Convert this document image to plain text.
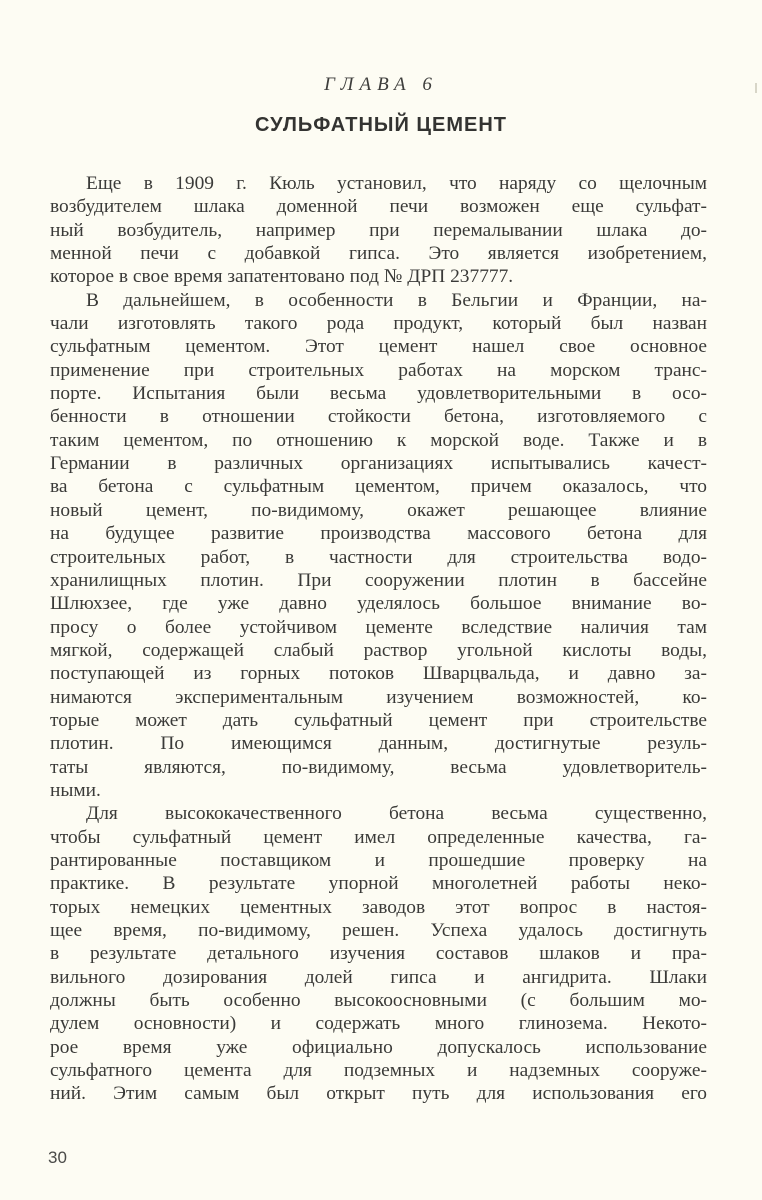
ГЛАВА 6
СУЛЬФАТНЫЙ ЦЕМЕНТ
Еще в 1909 г. Кюль установил, что наряду со щелочным
возбудителем шлака доменной печи возможен еще сульфат-
ный возбудитель, например при перемалывании шлака до-
менной печи с добавкой гипса. Это является изобретением,
которое в свое время запатентовано под № ДРП 237777.
В дальнейшем, в особенности в Бельгии и Франции, на-
чали изготовлять такого рода продукт, который был назван
сульфатным цементом. Этот цемент нашел свое основное
применение при строительных работах на морском транс-
порте. Испытания были весьма удовлетворительными в осо-
бенности в отношении стойкости бетона, изготовляемого с
таким цементом, по отношению к морской воде. Также и в
Германии в различных организациях испытывались качест-
ва бетона с сульфатным цементом, причем оказалось, что
новый цемент, по-видимому, окажет решающее влияние
на будущее развитие производства массового бетона для
строительных работ, в частности для строительства водо-
хранилищных плотин. При сооружении плотин в бассейне
Шлюхзее, где уже давно уделялось большое внимание во-
просу о более устойчивом цементе вследствие наличия там
мягкой, содержащей слабый раствор угольной кислоты воды,
поступающей из горных потоков Шварцвальда, и давно за-
нимаются экспериментальным изучением возможностей, ко-
торые может дать сульфатный цемент при строительстве
плотин. По имеющимся данным, достигнутые резуль-
таты являются, по-видимому, весьма удовлетворитель-
ными.
Для высококачественного бетона весьма существенно,
чтобы сульфатный цемент имел определенные качества, га-
рантированные поставщиком и прошедшие проверку на
практике. В результате упорной многолетней работы неко-
торых немецких цементных заводов этот вопрос в настоя-
щее время, по-видимому, решен. Успеха удалось достигнуть
в результате детального изучения составов шлаков и пра-
вильного дозирования долей гипса и ангидрита. Шлаки
должны быть особенно высокоосновными (с большим мо-
дулем основности) и содержать много глинозема. Некото-
рое время уже официально допускалось использование
сульфатного цемента для подземных и надземных сооруже-
ний. Этим самым был открыт путь для использования его
30
